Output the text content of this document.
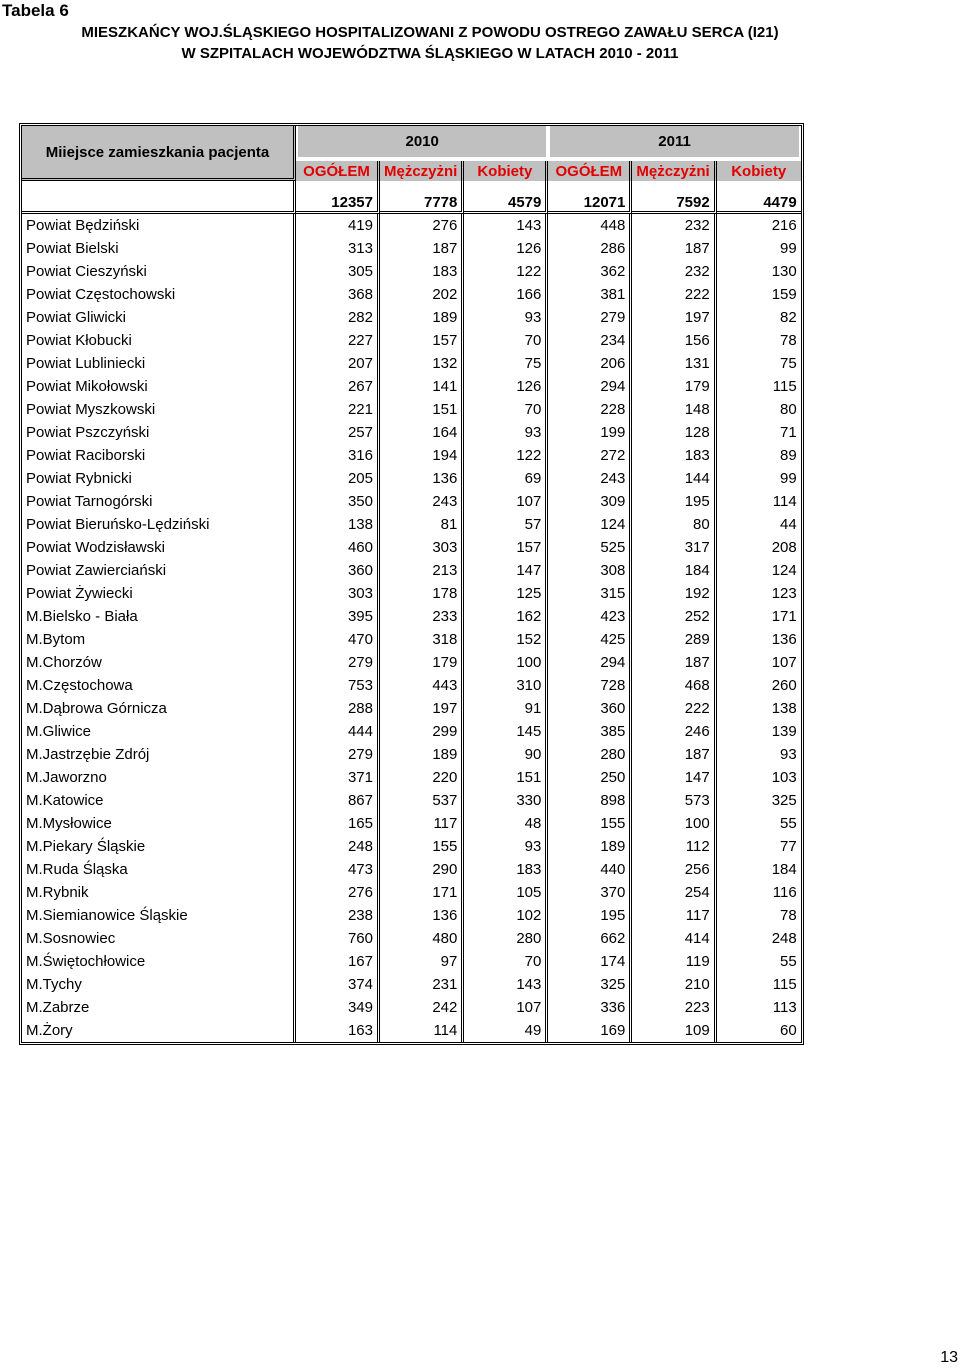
Tabela 6
MIESZKAŃCY WOJ.ŚLĄSKIEGO HOSPITALIZOWANI Z POWODU OSTREGO ZAWAŁU SERCA (I21)
W SZPITALACH WOJEWÓDZTWA ŚLĄSKIEGO W LATACH 2010 - 2011
Miiejsce zamieszkania pacjenta	2010			2011		

	OGÓŁEM	Mężczyżni	Kobiety	OGÓŁEM	Mężczyżni	Kobiety
	12357	7778	4579	12071	7592	4479
Powiat Będziński	419	276	143	448	232	216
Powiat Bielski	313	187	126	286	187	99
Powiat Cieszyński	305	183	122	362	232	130
Powiat Częstochowski	368	202	166	381	222	159
Powiat Gliwicki	282	189	93	279	197	82
Powiat Kłobucki	227	157	70	234	156	78
Powiat Lubliniecki	207	132	75	206	131	75
Powiat Mikołowski	267	141	126	294	179	115
Powiat Myszkowski	221	151	70	228	148	80
Powiat Pszczyński	257	164	93	199	128	71
Powiat Raciborski	316	194	122	272	183	89
Powiat Rybnicki	205	136	69	243	144	99
Powiat Tarnogórski	350	243	107	309	195	114
Powiat Bieruńsko-Lędziński	138	81	57	124	80	44
Powiat Wodzisławski	460	303	157	525	317	208
Powiat Zawierciański	360	213	147	308	184	124
Powiat Żywiecki	303	178	125	315	192	123
M.Bielsko - Biała	395	233	162	423	252	171
M.Bytom	470	318	152	425	289	136
M.Chorzów	279	179	100	294	187	107
M.Częstochowa	753	443	310	728	468	260
M.Dąbrowa Górnicza	288	197	91	360	222	138
M.Gliwice	444	299	145	385	246	139
M.Jastrzębie Zdrój	279	189	90	280	187	93
M.Jaworzno	371	220	151	250	147	103
M.Katowice	867	537	330	898	573	325
M.Mysłowice	165	117	48	155	100	55
M.Piekary Śląskie	248	155	93	189	112	77
M.Ruda Śląska	473	290	183	440	256	184
M.Rybnik	276	171	105	370	254	116
M.Siemianowice Śląskie	238	136	102	195	117	78
M.Sosnowiec	760	480	280	662	414	248
M.Świętochłowice	167	97	70	174	119	55
M.Tychy	374	231	143	325	210	115
M.Zabrze	349	242	107	336	223	113
M.Żory	163	114	49	169	109	60
13
